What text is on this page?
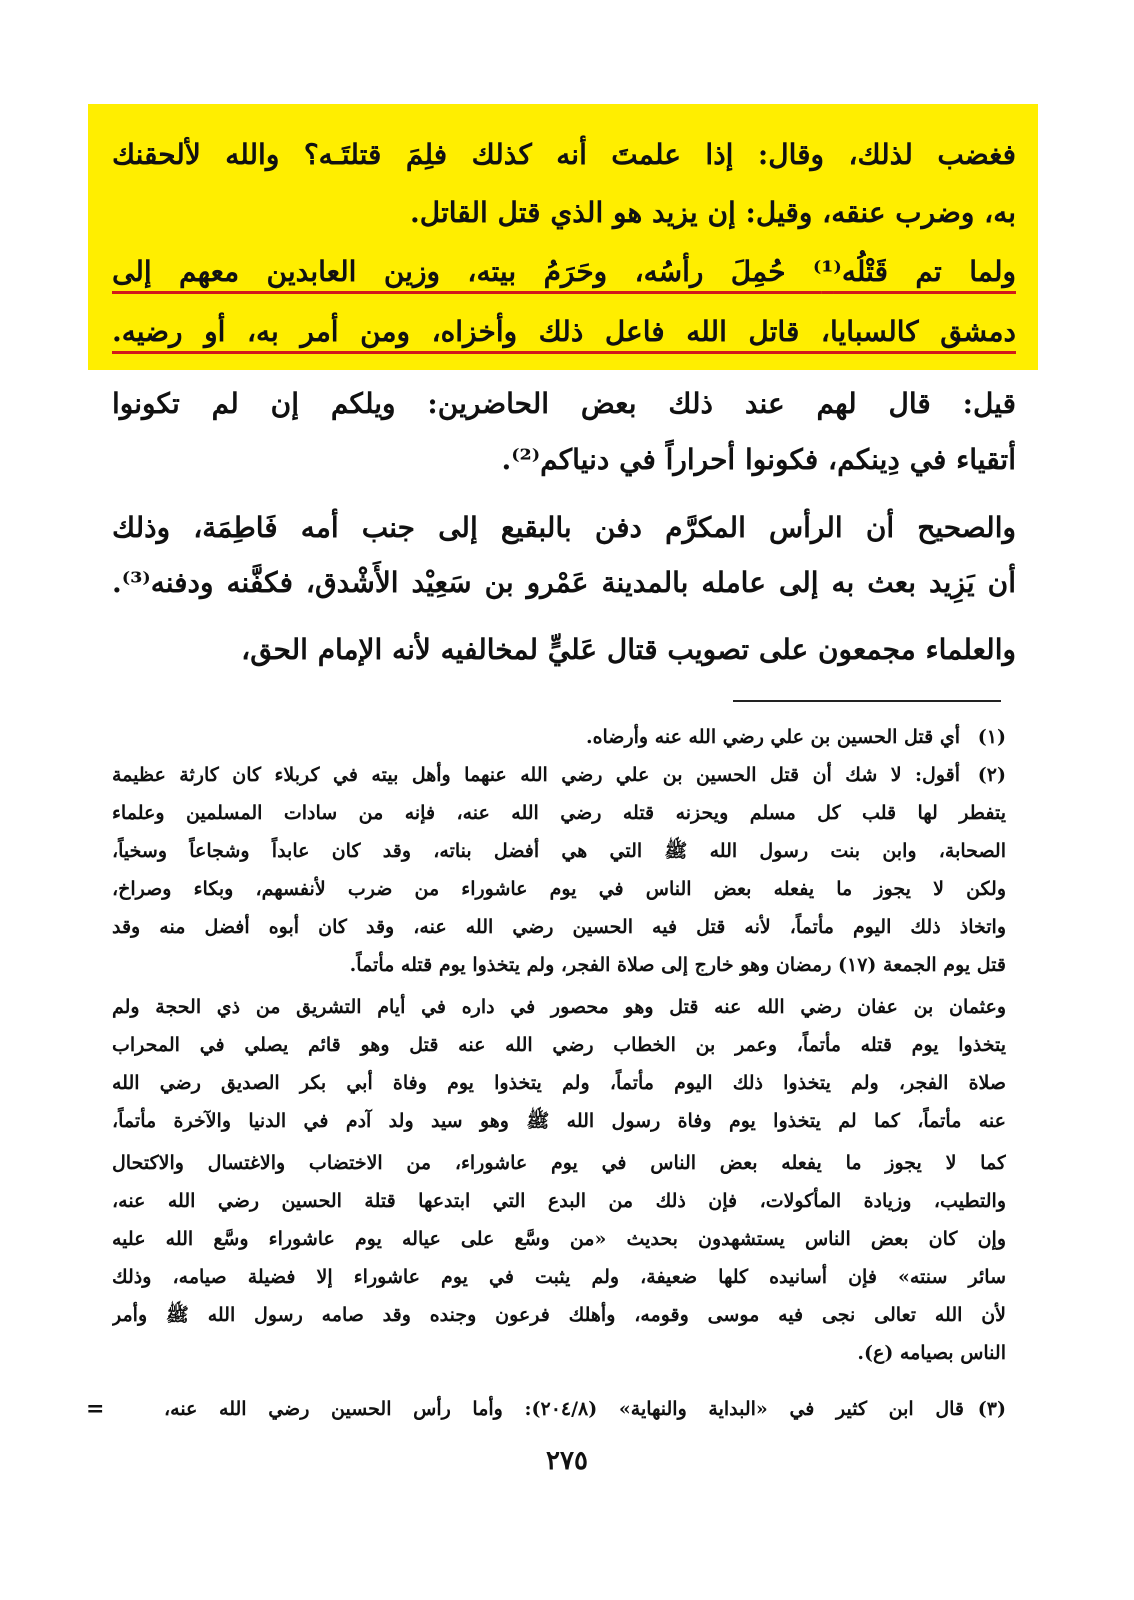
فغضب لذلك، وقال: إذا علمتَ أنه كذلك فلِمَ قتلتَـه؟ والله لألحقنك
به، وضرب عنقه، وقيل: إن يزيد هو الذي قتل القاتل.
ولما تم قَتْلُه⁽¹⁾ حُمِلَ رأسُه، وحَرَمُ بيته، وزين العابدين معهم إلى
دمشق كالسبايا، قاتل الله فاعل ذلك وأخزاه، ومن أمر به، أو رضيه.
قيل: قال لهم عند ذلك بعض الحاضرين: ويلكم إن لم تكونوا
أتقياء في دِينكم، فكونوا أحراراً في دنياكم⁽²⁾.
والصحيح أن الرأس المكرَّم دفن بالبقيع إلى جنب أمه فَاطِمَة، وذلك
أن يَزِيد بعث به إلى عامله بالمدينة عَمْرو بن سَعِيْد الأَشْدق، فكفَّنه ودفنه⁽³⁾.
والعلماء مجمعون على تصويب قتال عَليٍّ لمخالفيه لأنه الإمام الحق،
(١)
أي قتل الحسين بن علي رضي الله عنه وأرضاه.
(٢)
أقول: لا شك أن قتل الحسين بن علي رضي الله عنهما وأهل بيته في كربلاء كان كارثة عظيمة
يتفطر لها قلب كل مسلم ويحزنه قتله رضي الله عنه، فإنه من سادات المسلمين وعلماء
الصحابة، وابن بنت رسول الله ﷺ التي هي أفضل بناته، وقد كان عابداً وشجاعاً وسخياً،
ولكن لا يجوز ما يفعله بعض الناس في يوم عاشوراء من ضرب لأنفسهم، وبكاء وصراخ،
واتخاذ ذلك اليوم مأتماً، لأنه قتل فيه الحسين رضي الله عنه، وقد كان أبوه أفضل منه وقد
قتل يوم الجمعة (١٧) رمضان وهو خارج إلى صلاة الفجر، ولم يتخذوا يوم قتله مأتماً.
وعثمان بن عفان رضي الله عنه قتل وهو محصور في داره في أيام التشريق من ذي الحجة ولم
يتخذوا يوم قتله مأتماً، وعمر بن الخطاب رضي الله عنه قتل وهو قائم يصلي في المحراب
صلاة الفجر، ولم يتخذوا ذلك اليوم مأتماً، ولم يتخذوا يوم وفاة أبي بكر الصديق رضي الله
عنه مأتماً، كما لم يتخذوا يوم وفاة رسول الله ﷺ وهو سيد ولد آدم في الدنيا والآخرة مأتماً،
كما لا يجوز ما يفعله بعض الناس في يوم عاشوراء، من الاختضاب والاغتسال والاكتحال
والتطيب، وزيادة المأكولات، فإن ذلك من البدع التي ابتدعها قتلة الحسين رضي الله عنه،
وإن كان بعض الناس يستشهدون بحديث «من وسَّع على عياله يوم عاشوراء وسَّع الله عليه
سائر سنته» فإن أسانيده كلها ضعيفة، ولم يثبت في يوم عاشوراء إلا فضيلة صيامه، وذلك
لأن الله تعالى نجى فيه موسى وقومه، وأهلك فرعون وجنده وقد صامه رسول الله ﷺ وأمر
الناس بصيامه (ع).
(٣)
قال ابن كثير في «البداية والنهاية» (٢٠٤/٨): وأما رأس الحسين رضي الله عنه،
=
٢٧٥
